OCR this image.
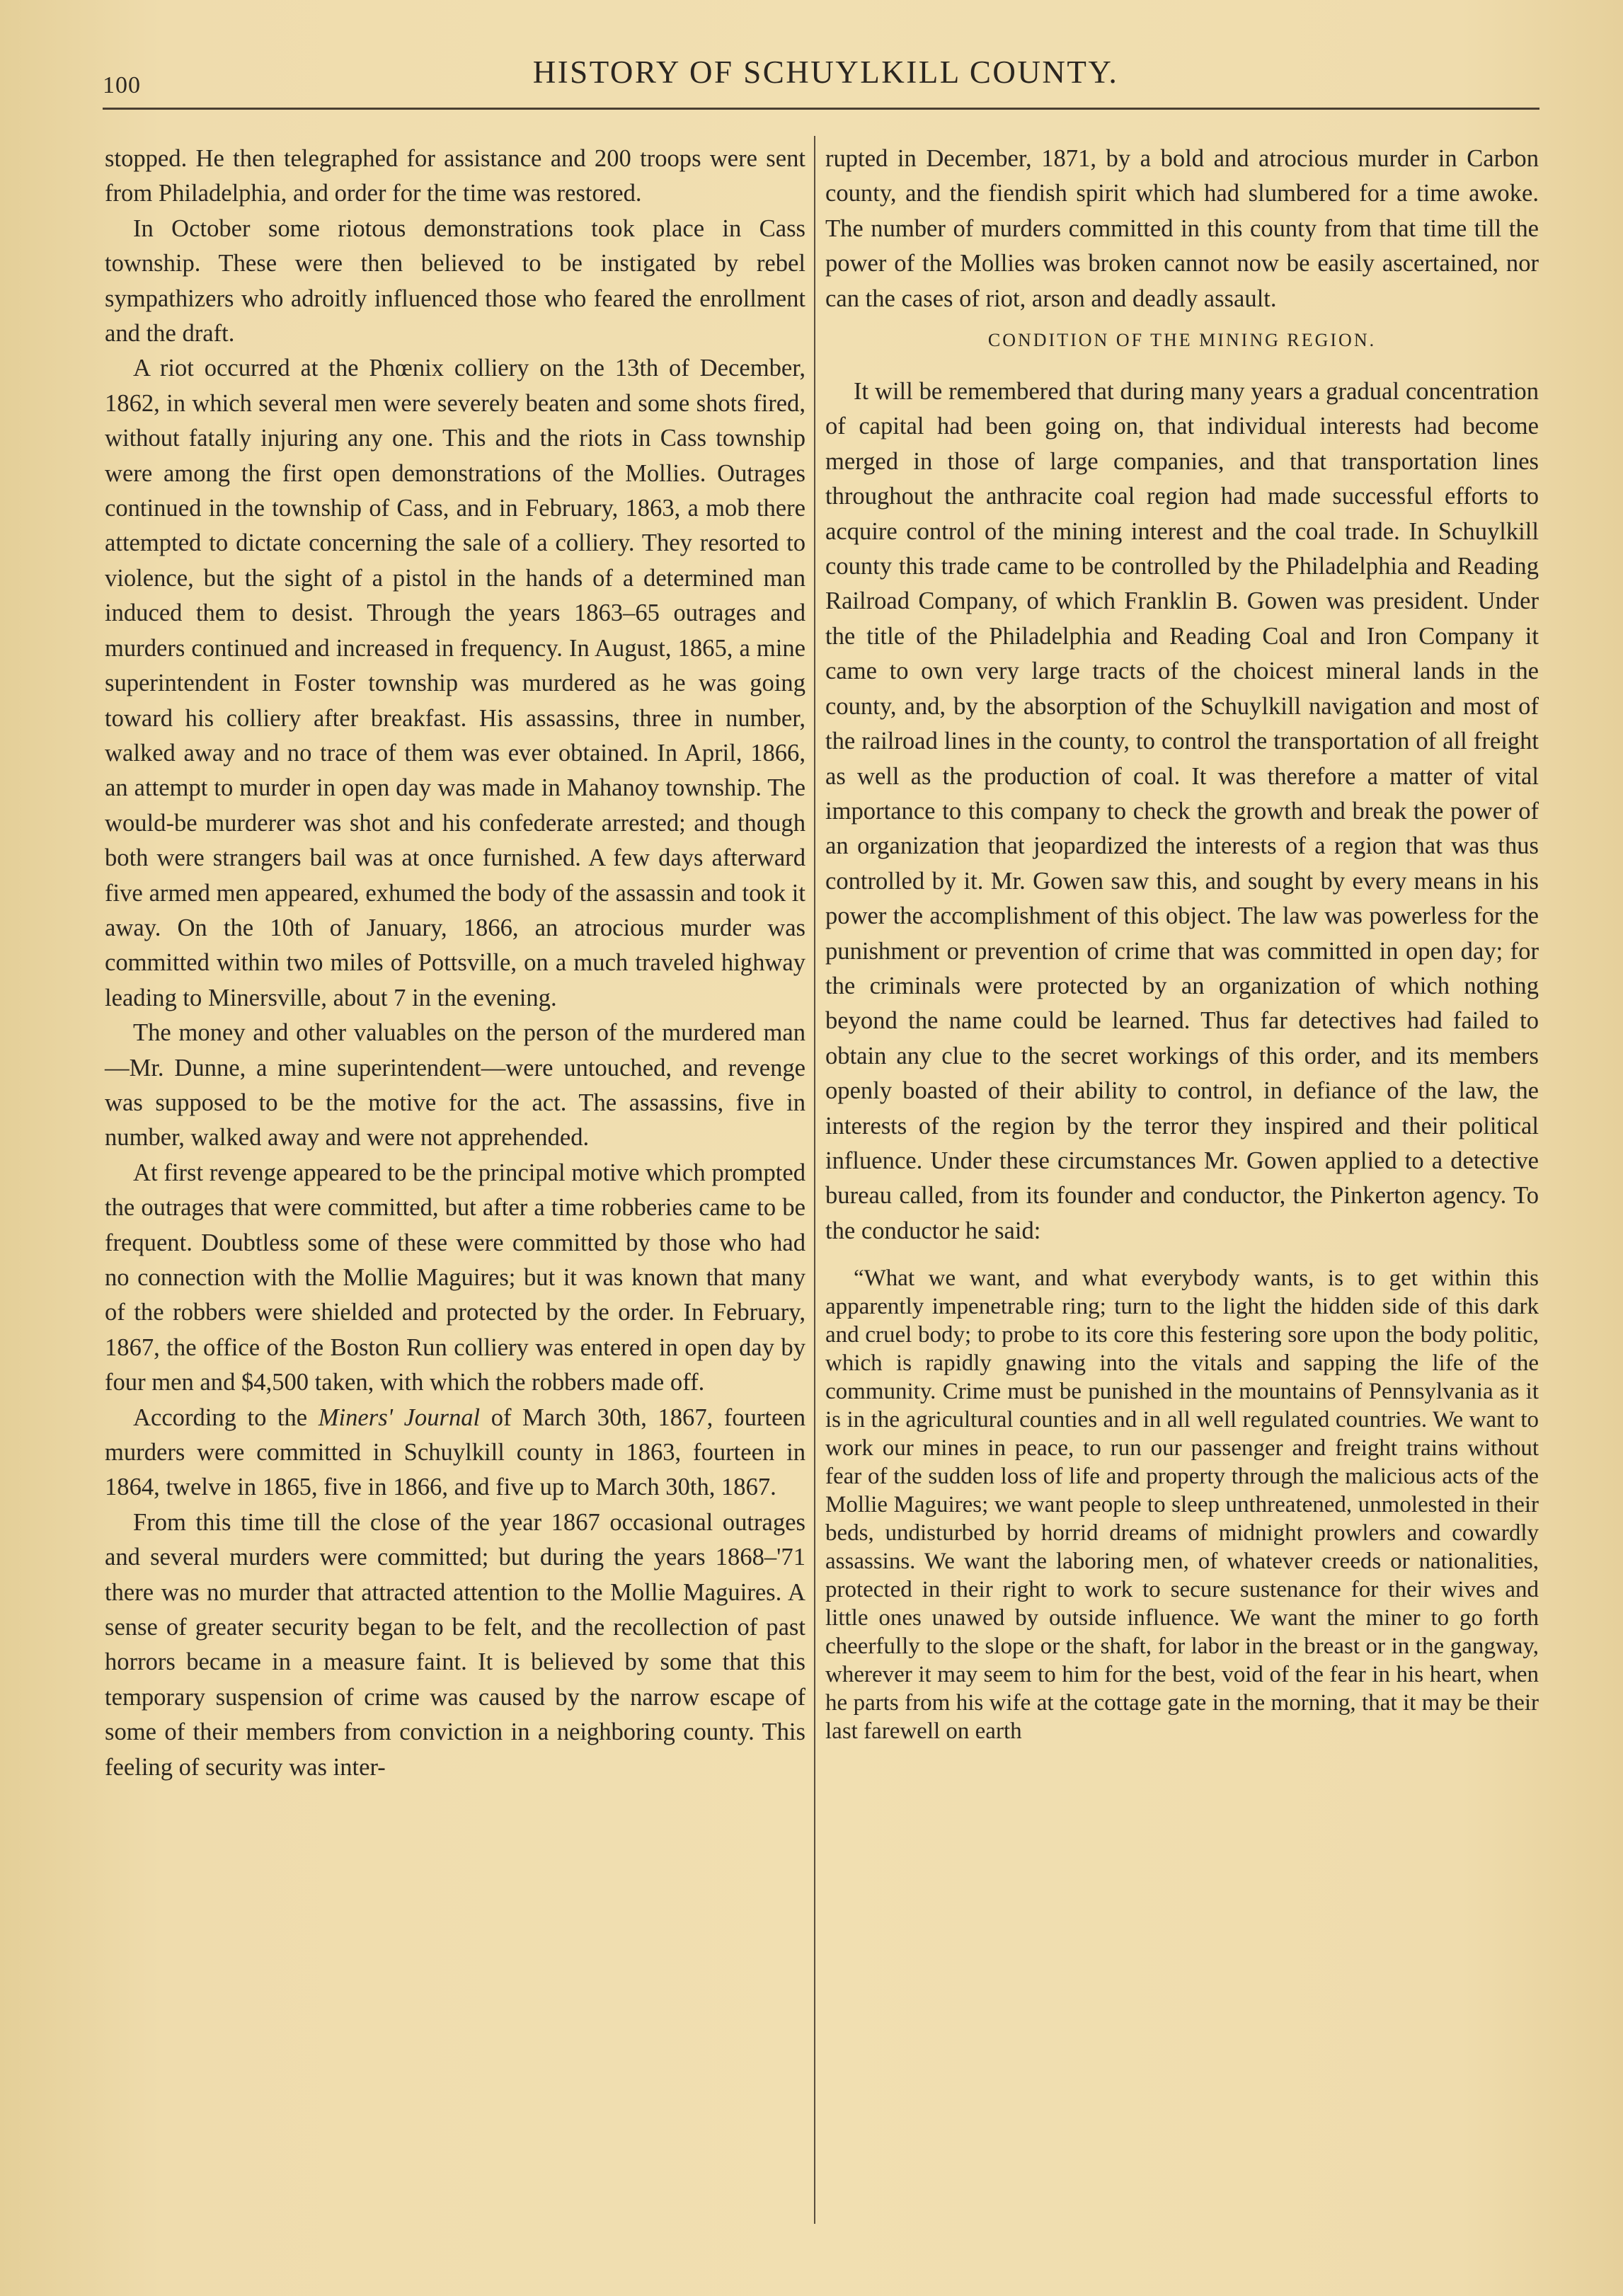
100	HISTORY OF SCHUYLKILL COUNTY.

stopped. He then telegraphed for assistance and 200 troops were sent from Philadelphia, and order for the time was restored.

In October some riotous demonstrations took place in Cass township. These were then believed to be instigated by rebel sympathizers who adroitly influenced those who feared the enrollment and the draft.

A riot occurred at the Phœnix colliery on the 13th of December, 1862, in which several men were severely beaten and some shots fired, without fatally injuring any one. This and the riots in Cass township were among the first open demonstrations of the Mollies. Outrages continued in the township of Cass, and in February, 1863, a mob there attempted to dictate concerning the sale of a colliery. They resorted to violence, but the sight of a pistol in the hands of a determined man induced them to desist. Through the years 1863–65 outrages and murders continued and increased in frequency. In August, 1865, a mine superintendent in Foster township was murdered as he was going toward his colliery after breakfast. His assassins, three in number, walked away and no trace of them was ever obtained. In April, 1866, an attempt to murder in open day was made in Mahanoy township. The would-be murderer was shot and his confederate arrested; and though both were strangers bail was at once furnished. A few days afterward five armed men appeared, exhumed the body of the assassin and took it away. On the 10th of January, 1866, an atrocious murder was committed within two miles of Pottsville, on a much traveled highway leading to Minersville, about 7 in the evening.

The money and other valuables on the person of the murdered man—Mr. Dunne, a mine superintendent—were untouched, and revenge was supposed to be the motive for the act. The assassins, five in number, walked away and were not apprehended.

At first revenge appeared to be the principal motive which prompted the outrages that were committed, but after a time robberies came to be frequent. Doubtless some of these were committed by those who had no connection with the Mollie Maguires; but it was known that many of the robbers were shielded and protected by the order. In February, 1867, the office of the Boston Run colliery was entered in open day by four men and $4,500 taken, with which the robbers made off.

According to the Miners' Journal of March 30th, 1867, fourteen murders were committed in Schuylkill county in 1863, fourteen in 1864, twelve in 1865, five in 1866, and five up to March 30th, 1867.

From this time till the close of the year 1867 occasional outrages and several murders were committed; but during the years 1868–'71 there was no murder that attracted attention to the Mollie Maguires. A sense of greater security began to be felt, and the recollection of past horrors became in a measure faint. It is believed by some that this temporary suspension of crime was caused by the narrow escape of some of their members from conviction in a neighboring county. This feeling of security was inter-

rupted in December, 1871, by a bold and atrocious murder in Carbon county, and the fiendish spirit which had slumbered for a time awoke. The number of murders committed in this county from that time till the power of the Mollies was broken cannot now be easily ascertained, nor can the cases of riot, arson and deadly assault.

CONDITION OF THE MINING REGION.

It will be remembered that during many years a gradual concentration of capital had been going on, that individual interests had become merged in those of large companies, and that transportation lines throughout the anthracite coal region had made successful efforts to acquire control of the mining interest and the coal trade. In Schuylkill county this trade came to be controlled by the Philadelphia and Reading Railroad Company, of which Franklin B. Gowen was president. Under the title of the Philadelphia and Reading Coal and Iron Company it came to own very large tracts of the choicest mineral lands in the county, and, by the absorption of the Schuylkill navigation and most of the railroad lines in the county, to control the transportation of all freight as well as the production of coal. It was therefore a matter of vital importance to this company to check the growth and break the power of an organization that jeopardized the interests of a region that was thus controlled by it. Mr. Gowen saw this, and sought by every means in his power the accomplishment of this object. The law was powerless for the punishment or prevention of crime that was committed in open day; for the criminals were protected by an organization of which nothing beyond the name could be learned. Thus far detectives had failed to obtain any clue to the secret workings of this order, and its members openly boasted of their ability to control, in defiance of the law, the interests of the region by the terror they inspired and their political influence. Under these circumstances Mr. Gowen applied to a detective bureau called, from its founder and conductor, the Pinkerton agency. To the conductor he said:

“What we want, and what everybody wants, is to get within this apparently impenetrable ring; turn to the light the hidden side of this dark and cruel body; to probe to its core this festering sore upon the body politic, which is rapidly gnawing into the vitals and sapping the life of the community. Crime must be punished in the mountains of Pennsylvania as it is in the agricultural counties and in all well regulated countries. We want to work our mines in peace, to run our passenger and freight trains without fear of the sudden loss of life and property through the malicious acts of the Mollie Maguires; we want people to sleep unthreatened, unmolested in their beds, undisturbed by horrid dreams of midnight prowlers and cowardly assassins. We want the laboring men, of whatever creeds or nationalities, protected in their right to work to secure sustenance for their wives and little ones unawed by outside influence. We want the miner to go forth cheerfully to the slope or the shaft, for labor in the breast or in the gangway, wherever it may seem to him for the best, void of the fear in his heart, when he parts from his wife at the cottage gate in the morning, that it may be their last farewell on earth
